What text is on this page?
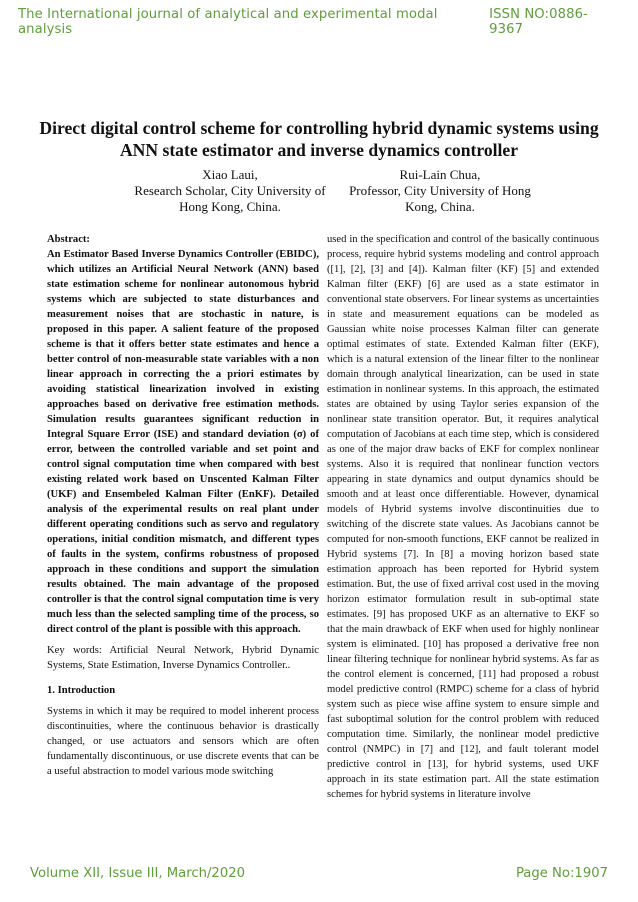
The International journal of analytical and experimental modal analysis
ISSN NO:0886-9367
Direct digital control scheme for controlling hybrid dynamic systems using ANN state estimator and inverse dynamics controller
Xiao Laui,
Research Scholar, City University of
Hong Kong, China.
Rui-Lain Chua,
Professor, City University of Hong
Kong, China.

Abstract:

An Estimator Based Inverse Dynamics Controller (EBIDC), which utilizes an Artificial Neural Network (ANN) based state estimation scheme for nonlinear autonomous hybrid systems which are subjected to state disturbances and measurement noises that are stochastic in nature, is proposed in this paper. A salient feature of the proposed scheme is that it offers better state estimates and hence a better control of non-measurable state variables with a non linear approach in correcting the a priori estimates by avoiding statistical linearization involved in existing approaches based on derivative free estimation methods. Simulation results guarantees significant reduction in Integral Square Error (ISE) and standard deviation (σ) of error, between the controlled variable and set point and control signal computation time when compared with best existing related work based on Unscented Kalman Filter (UKF) and Ensembeled Kalman Filter (EnKF). Detailed analysis of the experimental results on real plant under different operating conditions such as servo and regulatory operations, initial condition mismatch, and different types of faults in the system, confirms robustness of proposed approach in these conditions and support the simulation results obtained. The main advantage of the proposed controller is that the control signal computation time is very much less than the selected sampling time of the process, so direct control of the plant is possible with this approach.

Key words: Artificial Neural Network, Hybrid Dynamic Systems, State Estimation, Inverse Dynamics Controller..

1. Introduction

Systems in which it may be required to model inherent process discontinuities, where the continuous behavior is drastically changed, or use actuators and sensors which are often fundamentally discontinuous, or use discrete events that can be a useful abstraction to model various mode switching

used in the specification and control of the basically continuous process, require hybrid systems modeling and control approach ([1], [2], [3] and [4]). Kalman filter (KF) [5] and extended Kalman filter (EKF) [6] are used as a state estimator in conventional state observers. For linear systems as uncertainties in state and measurement equations can be modeled as Gaussian white noise processes Kalman filter can generate optimal estimates of state. Extended Kalman filter (EKF), which is a natural extension of the linear filter to the nonlinear domain through analytical linearization, can be used in state estimation in nonlinear systems. In this approach, the estimated states are obtained by using Taylor series expansion of the nonlinear state transition operator. But, it requires analytical computation of Jacobians at each time step, which is considered as one of the major draw backs of EKF for complex nonlinear systems. Also it is required that nonlinear function vectors appearing in state dynamics and output dynamics should be smooth and at least once differentiable. However, dynamical models of Hybrid systems involve discontinuities due to switching of the discrete state values. As Jacobians cannot be computed for non-smooth functions, EKF cannot be realized in Hybrid systems [7]. In [8] a moving horizon based state estimation approach has been reported for Hybrid system estimation. But, the use of fixed arrival cost used in the moving horizon estimator formulation result in sub-optimal state estimates. [9] has proposed UKF as an alternative to EKF so that the main drawback of EKF when used for highly nonlinear system is eliminated. [10] has proposed a derivative free non linear filtering technique for nonlinear hybrid systems. As far as the control element is concerned, [11] had proposed a robust model predictive control (RMPC) scheme for a class of hybrid system such as piece wise affine system to ensure simple and fast suboptimal solution for the control problem with reduced computation time. Similarly, the nonlinear model predictive control (NMPC) in [7] and [12], and fault tolerant model predictive control in [13], for hybrid systems, used UKF approach in its state estimation part. All the state estimation schemes for hybrid systems in literature involve

Volume XII, Issue III, March/2020	Page No:1907
